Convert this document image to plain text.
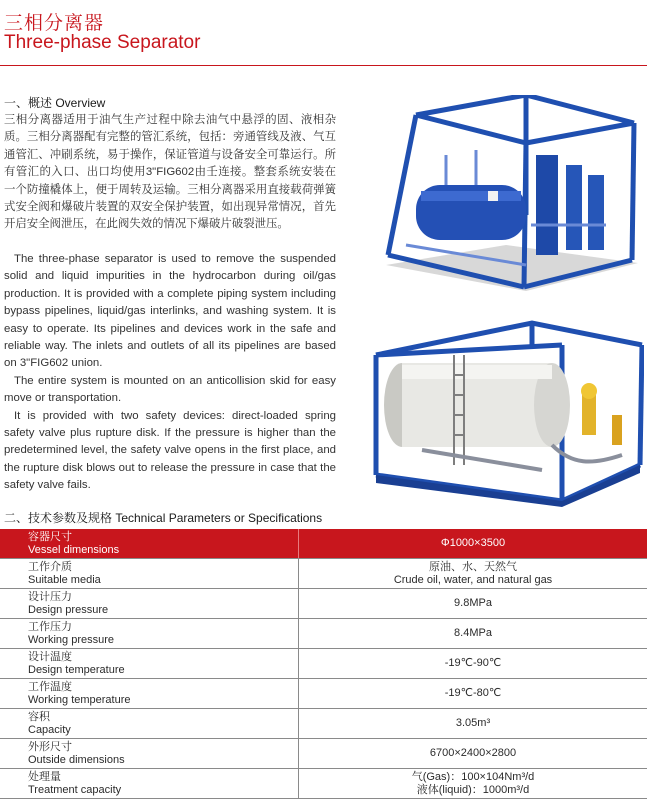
三相分离器
Three-phase Separator
一、概述 Overview

三相分离器适用于油气生产过程中除去油气中悬浮的固、液相杂质。三相分离器配有完整的管汇系统，包括：旁通管线及液、气互通管汇、冲刷系统，易于操作，保证管道与设备安全可靠运行。所有管汇的入口、出口均使用3"FIG602由壬连接。整套系统安装在一个防撞橇体上，便于周转及运输。三相分离器采用直接载荷弹簧式安全阀和爆破片装置的双安全保护装置，如出现异常情况，首先开启安全阀泄压，在此阀失效的情况下爆破片破裂泄压。

The three-phase separator is used to remove the suspended solid and liquid impurities in the hydrocarbon during oil/gas production. It is provided with a complete piping system including bypass pipelines, liquid/gas interlinks, and washing system. It is easy to operate. Its pipelines and devices work in the safe and reliable way. The inlets and outlets of all its pipelines are based on 3"FIG602 union.

The entire system is mounted on an anticollision skid for easy move or transportation.

It is provided with two safety devices: direct-loaded spring safety valve plus rupture disk. If the pressure is higher than the predetermined level, the safety valve opens in the first place, and the rupture disk blows out to release the pressure in case that the safety valve fails.

二、技术参数及规格 Technical Parameters or Specifications
容器尺寸
Vessel dimensions	Φ1000×3500

工作介质
Suitable media	原油、水、天然气
Crude oil, water, and natural gas

设计压力
Design pressure	9.8MPa

工作压力
Working pressure	8.4MPa

设计温度
Design temperature	-19℃-90℃

工作温度
Working temperature	-19℃-80℃

容积
Capacity	3.05m³

外形尺寸
Outside dimensions	6700×2400×2800

处理量
Treatment capacity	气(Gas)：100×104Nm³/d
液体(liquid)：1000m³/d
